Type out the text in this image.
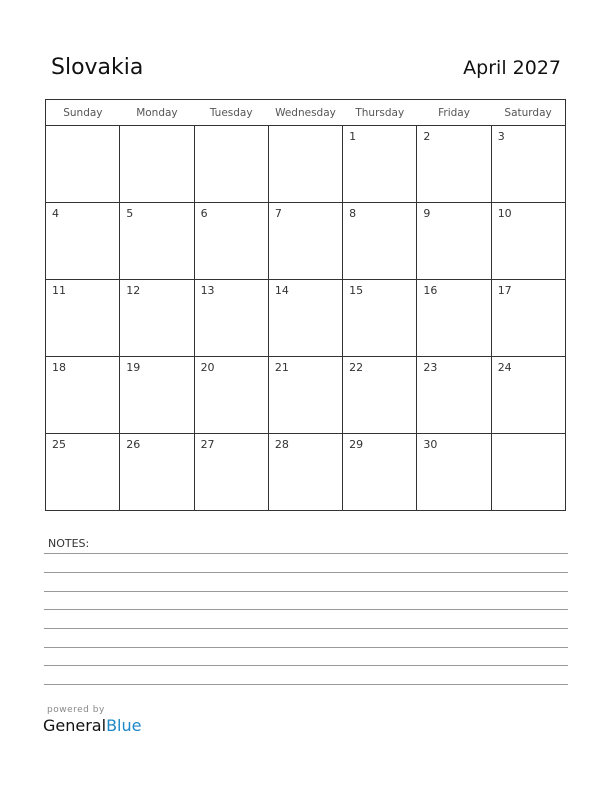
Slovakia	April 2027
Sunday	Monday	Tuesday	Wednesday	Thursday	Friday	Saturday

				1	2	3

4	5	6	7	8	9	10

11	12	13	14	15	16	17

18	19	20	21	22	23	24

25	26	27	28	29	30	

NOTES:
powered by
GeneralBlue
